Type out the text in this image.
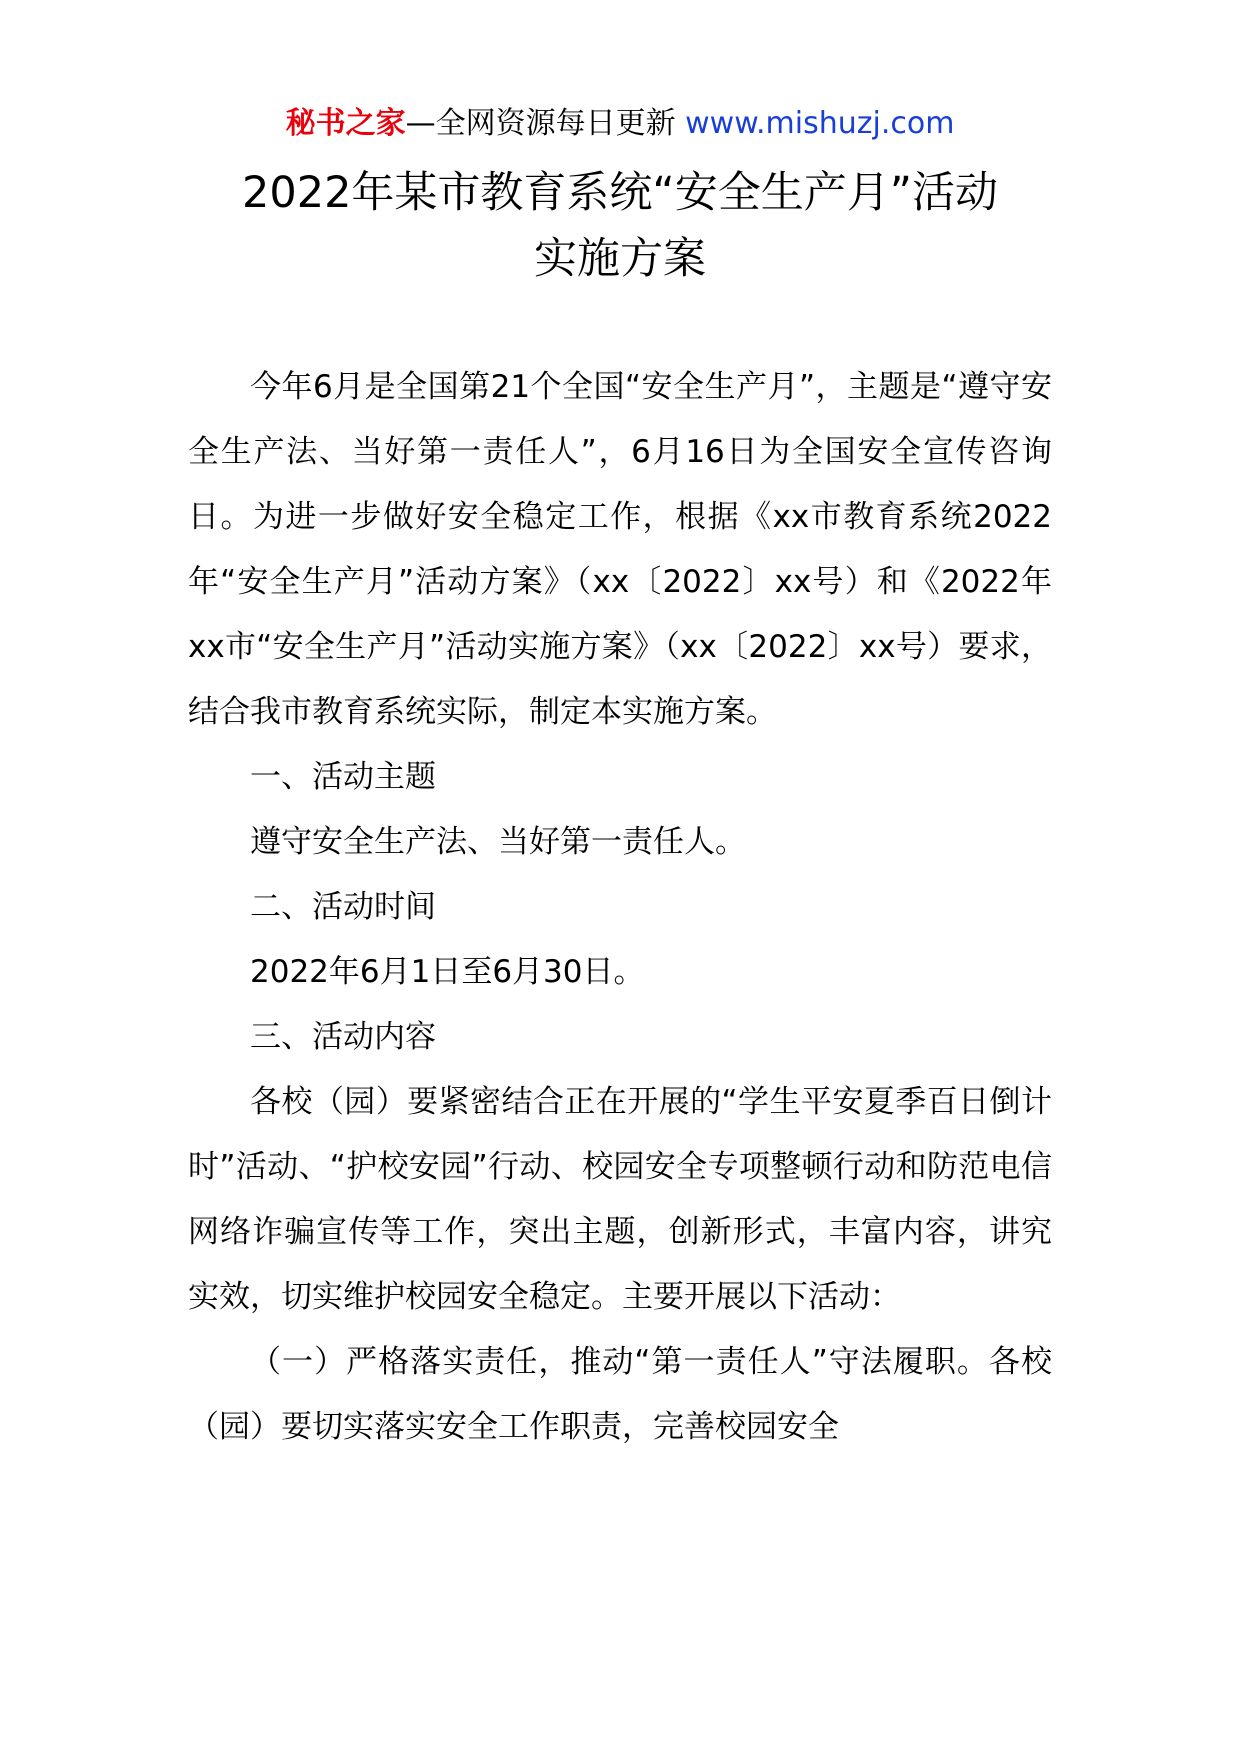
秘书之家—全网资源每日更新 www.mishuzj.com
2022年某市教育系统“安全生产月”活动
实施方案

今年6月是全国第21个全国“安全生产月”，主题是“遵守安全生产法、当好第一责任人”，6月16日为全国安全宣传咨询日。为进一步做好安全稳定工作，根据《xx市教育系统2022年“安全生产月”活动方案》（xx〔2022〕xx号）和《2022年xx市“安全生产月”活动实施方案》（xx〔2022〕xx号）要求，结合我市教育系统实际，制定本实施方案。

一、活动主题

遵守安全生产法、当好第一责任人。

二、活动时间

2022年6月1日至6月30日。

三、活动内容

各校（园）要紧密结合正在开展的“学生平安夏季百日倒计时”活动、“护校安园”行动、校园安全专项整顿行动和防范电信网络诈骗宣传等工作，突出主题，创新形式，丰富内容，讲究实效，切实维护校园安全稳定。主要开展以下活动：

（一）严格落实责任，推动“第一责任人”守法履职。各校（园）要切实落实安全工作职责，完善校园安全
